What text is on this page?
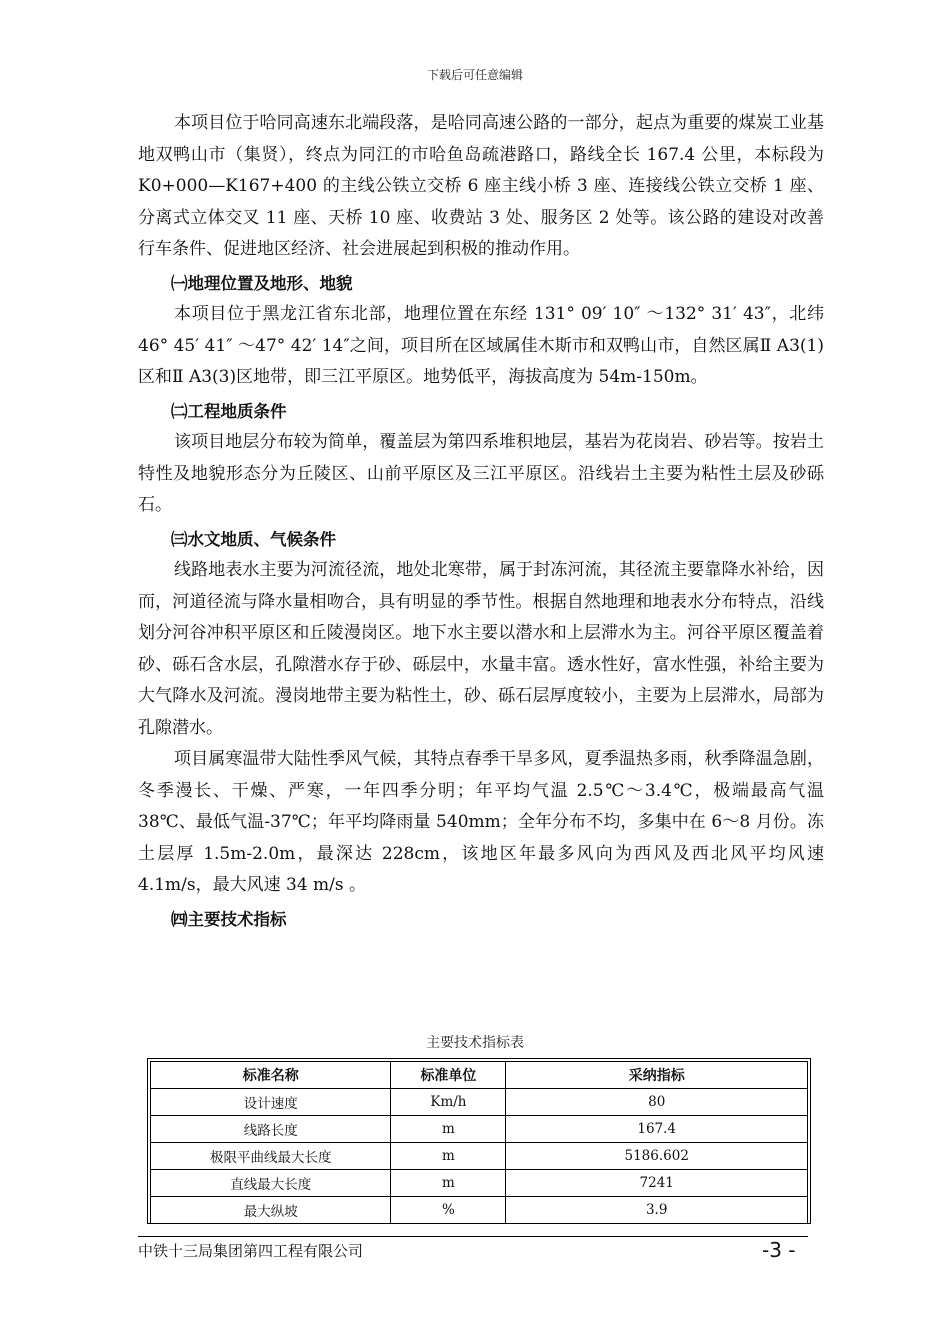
下载后可任意编辑

本项目位于哈同高速东北端段落，是哈同高速公路的一部分，起点为重要的煤炭工业基地双鸭山市（集贤），终点为同江的市哈鱼岛疏港路口，路线全长 167.4 公里，本标段为 K0+000—K167+400 的主线公铁立交桥 6 座主线小桥 3 座、连接线公铁立交桥 1 座、分离式立体交叉 11 座、天桥 10 座、收费站 3 处、服务区 2 处等。该公路的建设对改善行车条件、促进地区经济、社会进展起到积极的推动作用。

㈠地理位置及地形、地貌

本项目位于黑龙江省东北部，地理位置在东经 131° 09′ 10″ ～132° 31′ 43″，北纬 46° 45′ 41″ ～47° 42′ 14″之间，项目所在区域属佳木斯市和双鸭山市，自然区属Ⅱ A3(1)区和Ⅱ A3(3)区地带，即三江平原区。地势低平，海拔高度为 54m-150m。

㈡工程地质条件

该项目地层分布较为简单，覆盖层为第四系堆积地层，基岩为花岗岩、砂岩等。按岩土特性及地貌形态分为丘陵区、山前平原区及三江平原区。沿线岩土主要为粘性土层及砂砾石。

㈢水文地质、气候条件

线路地表水主要为河流径流，地处北寒带，属于封冻河流，其径流主要靠降水补给，因而，河道径流与降水量相吻合，具有明显的季节性。根据自然地理和地表水分布特点，沿线划分河谷冲积平原区和丘陵漫岗区。地下水主要以潜水和上层滞水为主。河谷平原区覆盖着砂、砾石含水层，孔隙潜水存于砂、砾层中，水量丰富。透水性好，富水性强，补给主要为大气降水及河流。漫岗地带主要为粘性土，砂、砾石层厚度较小，主要为上层滞水，局部为孔隙潜水。

项目属寒温带大陆性季风气候，其特点春季干旱多风，夏季温热多雨，秋季降温急剧，冬季漫长、干燥、严寒，一年四季分明；年平均气温 2.5℃～3.4℃，极端最高气温 38℃、最低气温-37℃；年平均降雨量 540mm；全年分布不均，多集中在 6～8 月份。冻土层厚 1.5m-2.0m，最深达 228cm，该地区年最多风向为西风及西北风平均风速 4.1m/s，最大风速 34 m/s 。

㈣主要技术指标

主要技术指标表
标准名称	标准单位	采纳指标
设计速度	Km/h	80
线路长度	m	167.4
极限平曲线最大长度	m	5186.602
直线最大长度	m	7241
最大纵坡	%	3.9
中铁十三局集团第四工程有限公司	-3 -
